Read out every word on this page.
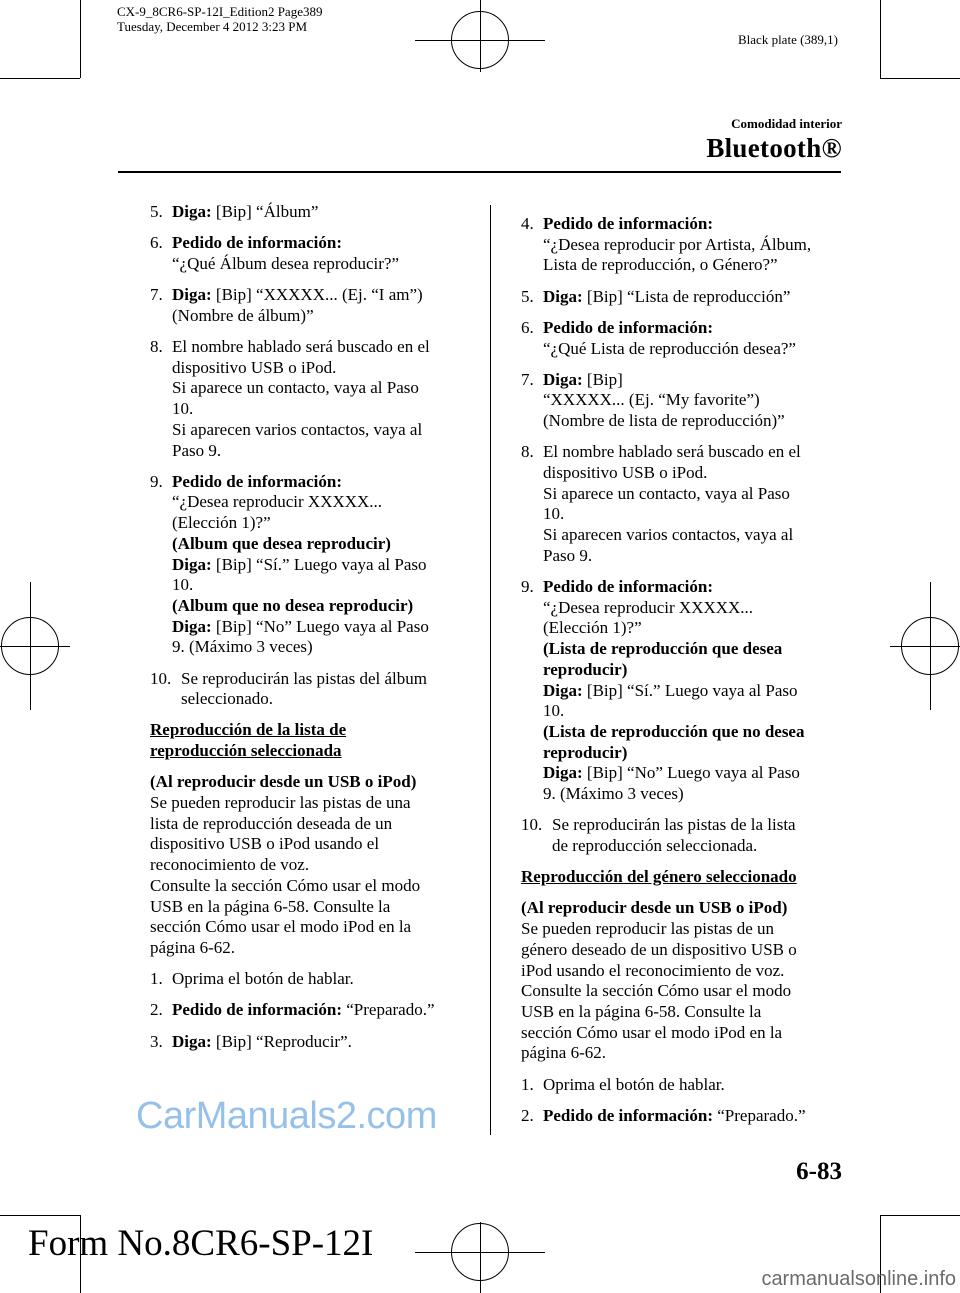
CX-9_8CR6-SP-12I_Edition2 Page389
Tuesday, December 4 2012 3:23 PM
Black plate (389,1)
Comodidad interior
Bluetooth®

5. Diga: [Bip] “Álbum”

6. Pedido de información:
“¿Qué Álbum desea reproducir?”

7. Diga: [Bip] “XXXXX... (Ej. “I am”)
(Nombre de álbum)”

8. El nombre hablado será buscado en el
dispositivo USB o iPod.
Si aparece un contacto, vaya al Paso
10.
Si aparecen varios contactos, vaya al
Paso 9.

9. Pedido de información:
“¿Desea reproducir XXXXX...
(Elección 1)?”
(Album que desea reproducir)
Diga: [Bip] “Sí.” Luego vaya al Paso
10.
(Album que no desea reproducir)
Diga: [Bip] “No” Luego vaya al Paso
9. (Máximo 3 veces)

10. Se reproducirán las pistas del álbum
seleccionado.

Reproducción de la lista de
reproducción seleccionada

(Al reproducir desde un USB o iPod)
Se pueden reproducir las pistas de una
lista de reproducción deseada de un
dispositivo USB o iPod usando el
reconocimiento de voz.
Consulte la sección Cómo usar el modo
USB en la página 6-58. Consulte la
sección Cómo usar el modo iPod en la
página 6-62.

1. Oprima el botón de hablar.

2. Pedido de información: “Preparado.”

3. Diga: [Bip] “Reproducir”.

4. Pedido de información:
“¿Desea reproducir por Artista, Álbum,
Lista de reproducción, o Género?”

5. Diga: [Bip] “Lista de reproducción”

6. Pedido de información:
“¿Qué Lista de reproducción desea?”

7. Diga: [Bip]
“XXXXX... (Ej. “My favorite”)
(Nombre de lista de reproducción)”

8. El nombre hablado será buscado en el
dispositivo USB o iPod.
Si aparece un contacto, vaya al Paso
10.
Si aparecen varios contactos, vaya al
Paso 9.

9. Pedido de información:
“¿Desea reproducir XXXXX...
(Elección 1)?”
(Lista de reproducción que desea
reproducir)
Diga: [Bip] “Sí.” Luego vaya al Paso
10.
(Lista de reproducción que no desea
reproducir)
Diga: [Bip] “No” Luego vaya al Paso
9. (Máximo 3 veces)

10. Se reproducirán las pistas de la lista
de reproducción seleccionada.

Reproducción del género seleccionado

(Al reproducir desde un USB o iPod)
Se pueden reproducir las pistas de un
género deseado de un dispositivo USB o
iPod usando el reconocimiento de voz.
Consulte la sección Cómo usar el modo
USB en la página 6-58. Consulte la
sección Cómo usar el modo iPod en la
página 6-62.

1. Oprima el botón de hablar.

2. Pedido de información: “Preparado.”

6-83
Form No.8CR6-SP-12I
CarManuals2.com
carmanualsonline.info
